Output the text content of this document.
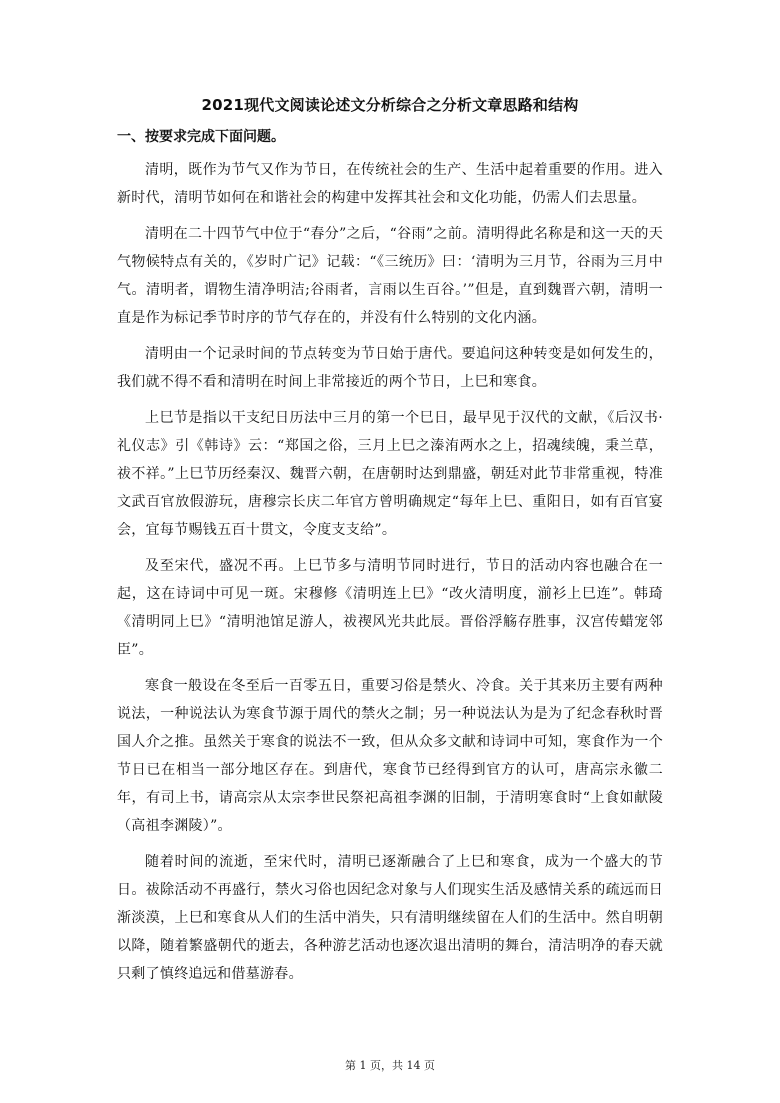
2021现代文阅读论述文分析综合之分析文章思路和结构
一、按要求完成下面问题。

清明，既作为节气又作为节日，在传统社会的生产、生活中起着重要的作用。进入新时代，清明节如何在和谐社会的构建中发挥其社会和文化功能，仍需人们去思量。

清明在二十四节气中位于“春分”之后，“谷雨”之前。清明得此名称是和这一天的天气物候特点有关的，《岁时广记》记载：“《三统历》曰：‘清明为三月节，谷雨为三月中气。清明者，谓物生清净明洁;谷雨者，言雨以生百谷。’”但是，直到魏晋六朝，清明一直是作为标记季节时序的节气存在的，并没有什么特别的文化内涵。

清明由一个记录时间的节点转变为节日始于唐代。要追问这种转变是如何发生的，我们就不得不看和清明在时间上非常接近的两个节日，上巳和寒食。

上巳节是指以干支纪日历法中三月的第一个巳日，最早见于汉代的文献，《后汉书·礼仪志》引《韩诗》云：“郑国之俗，三月上巳之溱洧两水之上，招魂续魄，秉兰草，祓不祥。”上巳节历经秦汉、魏晋六朝，在唐朝时达到鼎盛，朝廷对此节非常重视，特准文武百官放假游玩，唐穆宗长庆二年官方曾明确规定“每年上巳、重阳日，如有百官宴会，宜每节赐钱五百十贯文，令度支支给”。

及至宋代，盛况不再。上巳节多与清明节同时进行，节日的活动内容也融合在一起，这在诗词中可见一斑。宋穆修《清明连上巳》“改火清明度，湔衫上巳连”。韩琦《清明同上巳》“清明池馆足游人，祓禊风光共此辰。晋俗浮觞存胜事，汉宫传蜡宠邻臣”。

寒食一般设在冬至后一百零五日，重要习俗是禁火、冷食。关于其来历主要有两种说法，一种说法认为寒食节源于周代的禁火之制；另一种说法认为是为了纪念春秋时晋国人介之推。虽然关于寒食的说法不一致，但从众多文献和诗词中可知，寒食作为一个节日已在相当一部分地区存在。到唐代，寒食节已经得到官方的认可，唐高宗永徽二年，有司上书，请高宗从太宗李世民祭祀高祖李渊的旧制，于清明寒食时“上食如献陵（高祖李渊陵）”。

随着时间的流逝，至宋代时，清明已逐渐融合了上巳和寒食，成为一个盛大的节日。祓除活动不再盛行，禁火习俗也因纪念对象与人们现实生活及感情关系的疏远而日渐淡漠，上巳和寒食从人们的生活中消失，只有清明继续留在人们的生活中。然自明朝以降，随着繁盛朝代的逝去，各种游艺活动也逐次退出清明的舞台，清洁明净的春天就只剩了慎终追远和借墓游春。

第 1 页，共 14 页
